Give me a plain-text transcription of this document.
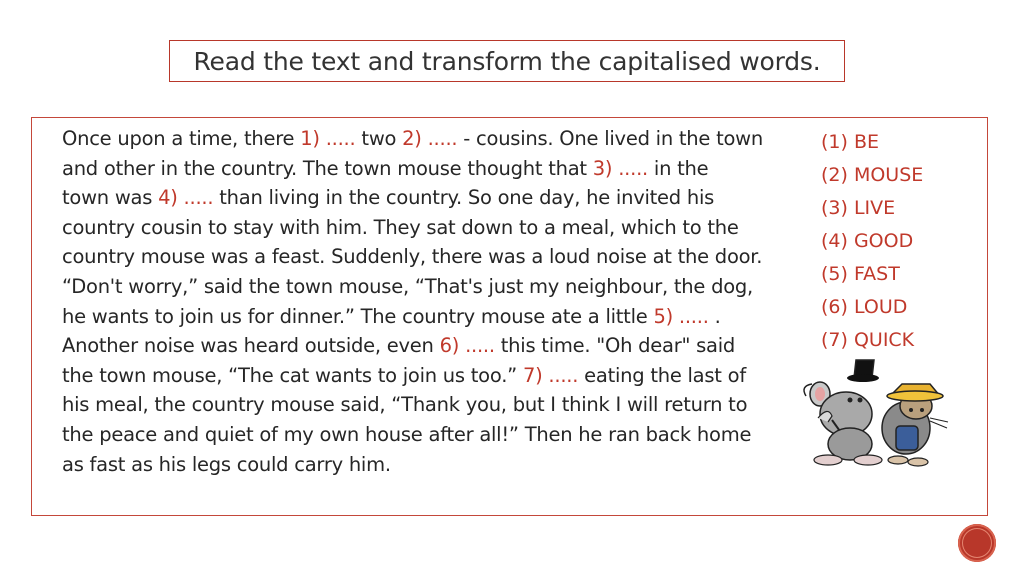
Read the text and transform the capitalised words.
Once upon a time, there 1) ..... two 2) ..... - cousins. One lived in the town
and other in the country. The town mouse thought that 3) ..... in the
town was 4) ..... than living in the country. So one day, he invited his
country cousin to stay with him. They sat down to a meal, which to the
country mouse was a feast. Suddenly, there was a loud noise at the door.
“Don't worry,” said the town mouse, “That's just my neighbour, the dog,
he wants to join us for dinner.” The country mouse ate a little 5) ..... .
Another noise was heard outside, even 6) ..... this time. "Oh dear" said
the town mouse, “The cat wants to join us too.” 7) ..... eating the last of
his meal, the country mouse said, “Thank you, but I think I will return to
the peace and quiet of my own house after all!” Then he ran back home
as fast as his legs could carry him.
(1) BE
(2) MOUSE
(3) LIVE
(4) GOOD
(5) FAST
(6) LOUD
(7) QUICK
